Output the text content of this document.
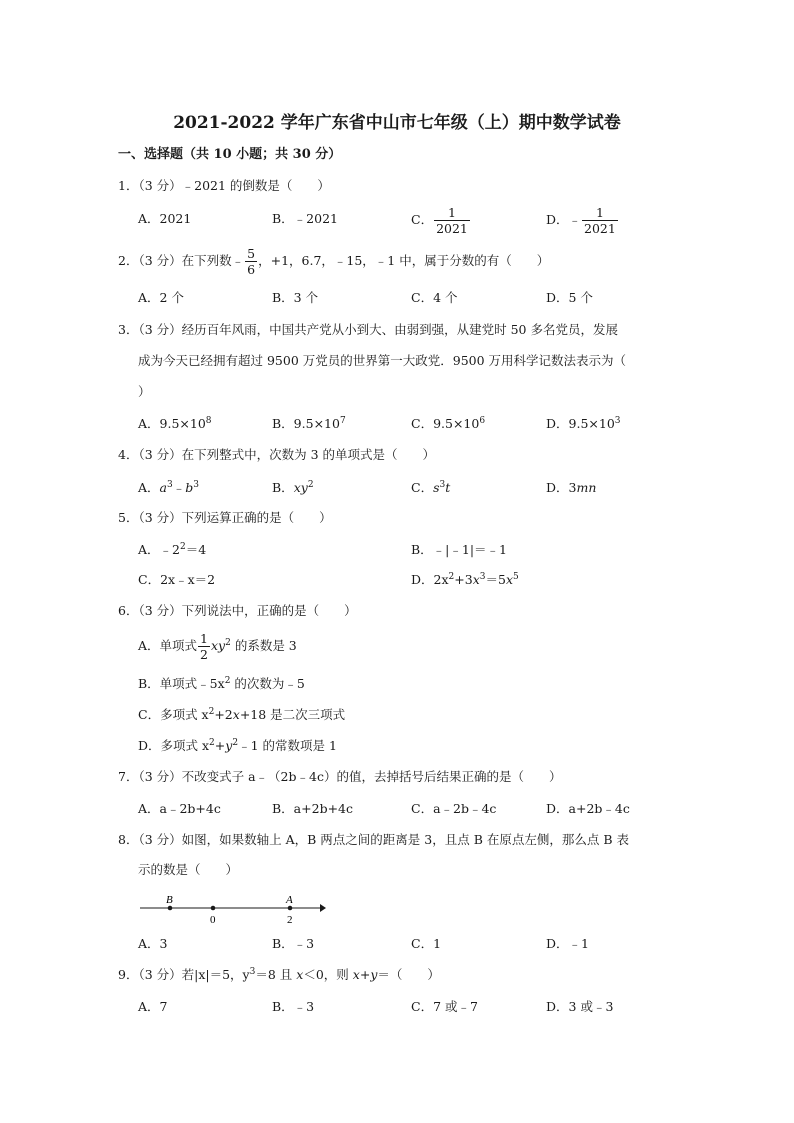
2021-2022 学年广东省中山市七年级（上）期中数学试卷
一、选择题（共 10 小题；共 30 分）
1．（3 分）﹣2021 的倒数是（　　）
A．2021	B．﹣2021	C． $\frac{1}{2021}$	D．﹣ $\frac{1}{2021}$
2．（3 分）在下列数﹣ $\frac{5}{6}$ ，+1，6.7，﹣15，﹣1 中，属于分数的有（　　）
A．2 个	B．3 个	C．4 个	D．5 个
3．（3 分）经历百年风雨，中国共产党从小到大、由弱到强，从建党时 50 多名党员，发展
成为今天已经拥有超过 9500 万党员的世界第一大政党．9500 万用科学记数法表示为（
）
A．$9.5\times 10^8$	B．$9.5\times 10^7$	C．$9.5\times 10^6$	D．$9.5\times 10^3$
4．（3 分）在下列整式中，次数为 3 的单项式是（　　）
A．$a^3﹣b^3$	B．$xy^2$	C．$s^3t$	D．3mn
5．（3 分）下列运算正确的是（　　）
A．$﹣2^2=4$	B．﹣|﹣1|＝﹣1
C．2x﹣x＝2	D．$2x^2+3x^3=5x^5$
6．（3 分）下列说法中，正确的是（　　）
A．单项式 $\frac{1}{2} xy^2$ 的系数是 3
B．单项式$﹣5x^2$ 的次数为﹣5
C．多项式 $x^2+2x+18$ 是二次三项式
D．多项式 $x^2+y^2﹣1$ 的常数项是 1
7．（3 分）不改变式子 a﹣（2b﹣4c）的值，去掉括号后结果正确的是（　　）
A．a﹣2b+4c	B．a+2b+4c	C．a﹣2b﹣4c	D．a+2b﹣4c
8．（3 分）如图，如果数轴上 A，B 两点之间的距离是 3，且点 B 在原点左侧，那么点 B 表
示的数是（　　）
B
0
A
2
A．3	B．﹣3	C．1	D．﹣1
9．（3 分）若|x|＝5，$y^3=8$ 且 x＜0，则 x+y＝（　　）
A．7	B．﹣3	C．7 或﹣7	D．3 或﹣3
